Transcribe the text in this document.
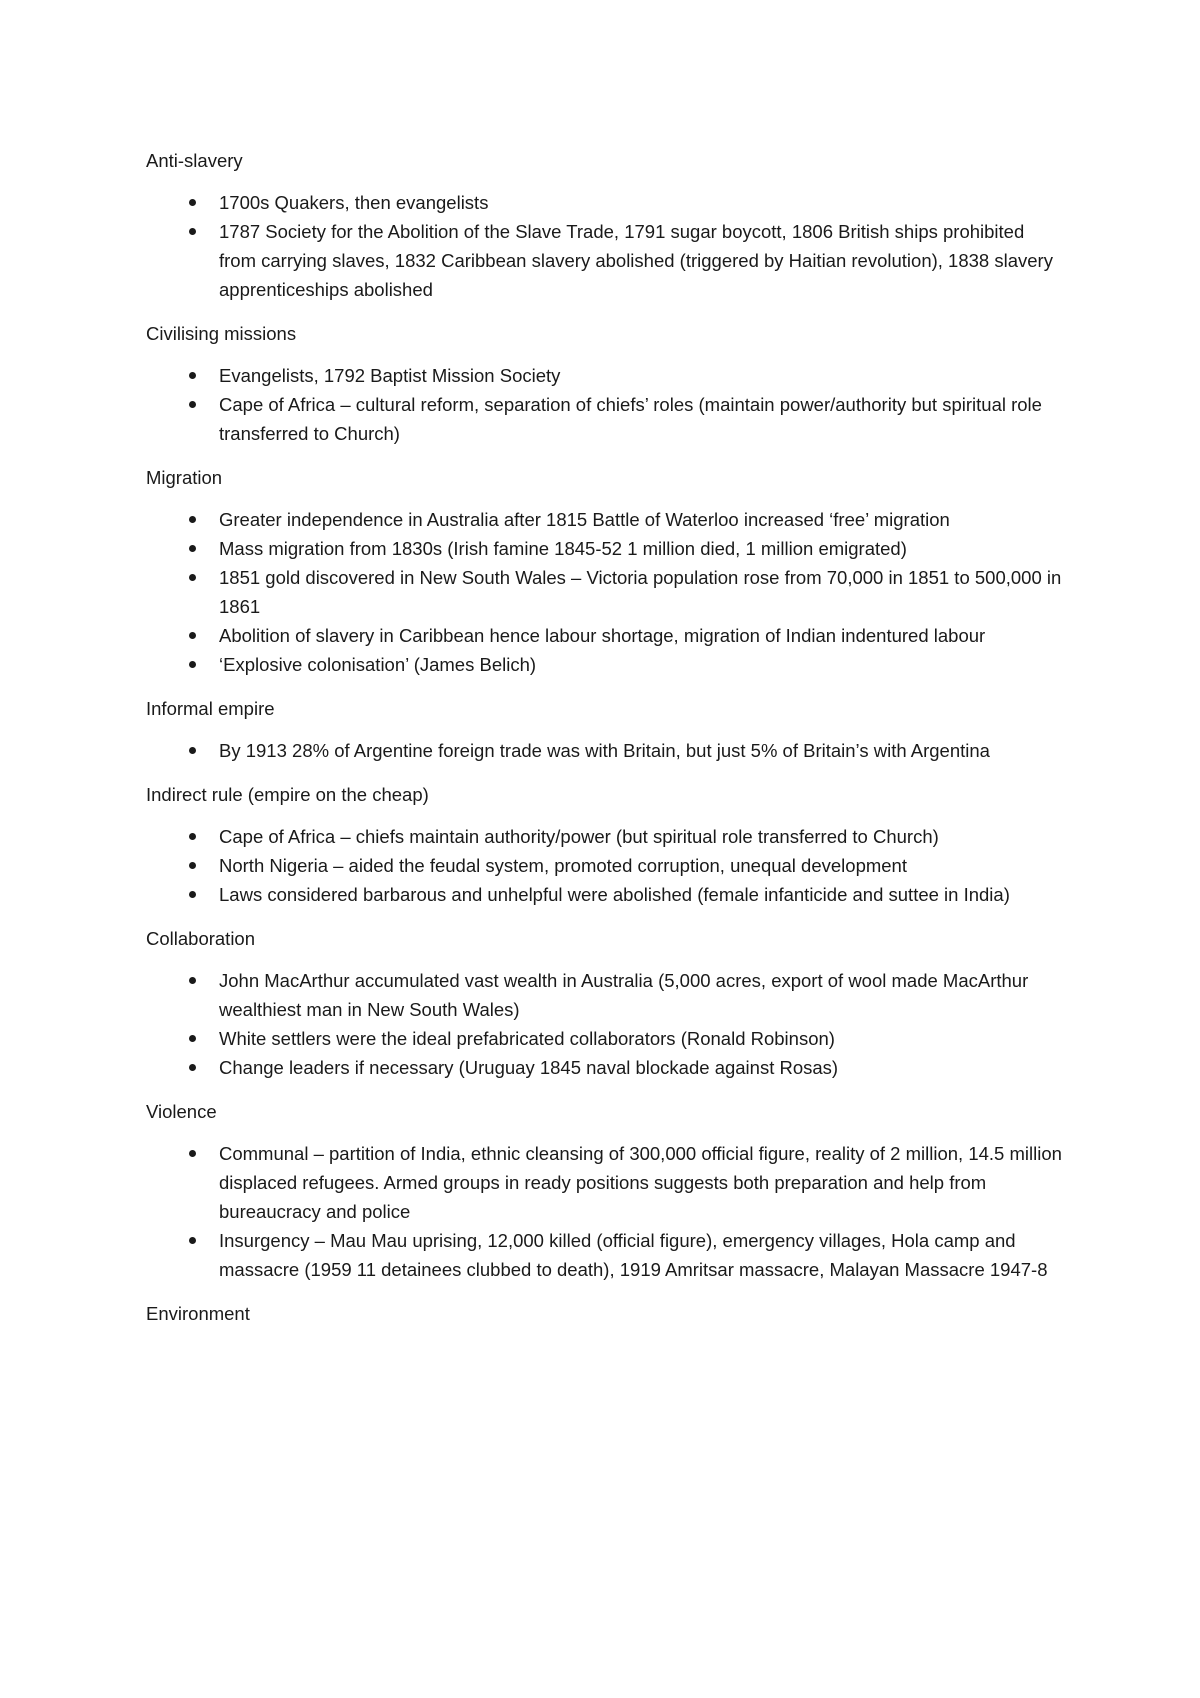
Anti-slavery
1700s Quakers, then evangelists
1787 Society for the Abolition of the Slave Trade, 1791 sugar boycott, 1806 British ships prohibited from carrying slaves, 1832 Caribbean slavery abolished (triggered by Haitian revolution), 1838 slavery apprenticeships abolished
Civilising missions
Evangelists, 1792 Baptist Mission Society
Cape of Africa – cultural reform, separation of chiefs’ roles (maintain power/authority but spiritual role transferred to Church)
Migration
Greater independence in Australia after 1815 Battle of Waterloo increased ‘free’ migration
Mass migration from 1830s (Irish famine 1845-52 1 million died, 1 million emigrated)
1851 gold discovered in New South Wales – Victoria population rose from 70,000 in 1851 to 500,000 in 1861
Abolition of slavery in Caribbean hence labour shortage, migration of Indian indentured labour
‘Explosive colonisation’ (James Belich)
Informal empire
By 1913 28% of Argentine foreign trade was with Britain, but just 5% of Britain’s with Argentina
Indirect rule (empire on the cheap)
Cape of Africa – chiefs maintain authority/power (but spiritual role transferred to Church)
North Nigeria – aided the feudal system, promoted corruption, unequal development
Laws considered barbarous and unhelpful were abolished (female infanticide and suttee in India)
Collaboration
John MacArthur accumulated vast wealth in Australia (5,000 acres, export of wool made MacArthur wealthiest man in New South Wales)
White settlers were the ideal prefabricated collaborators (Ronald Robinson)
Change leaders if necessary (Uruguay 1845 naval blockade against Rosas)
Violence
Communal – partition of India, ethnic cleansing of 300,000 official figure, reality of 2 million, 14.5 million displaced refugees. Armed groups in ready positions suggests both preparation and help from bureaucracy and police
Insurgency – Mau Mau uprising, 12,000 killed (official figure), emergency villages, Hola camp and massacre (1959 11 detainees clubbed to death), 1919 Amritsar massacre, Malayan Massacre 1947-8
Environment
